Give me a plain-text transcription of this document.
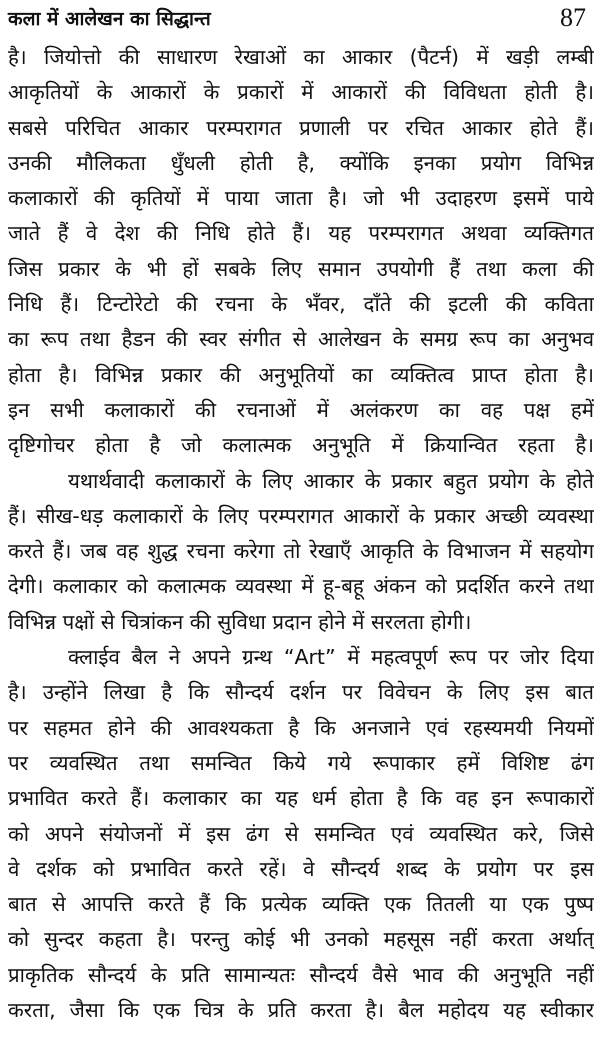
कला में आलेखन का सिद्धान्त	87
है। जियोत्तो की साधारण रेखाओं का आकार (पैटर्न) में खड़ी लम्बी
आकृतियों के आकारों के प्रकारों में आकारों की विविधता होती है।
सबसे परिचित आकार परम्परागत प्रणाली पर रचित आकार होते हैं।
उनकी मौलिकता धुँधली होती है, क्योंकि इनका प्रयोग विभिन्न
कलाकारों की कृतियों में पाया जाता है। जो भी उदाहरण इसमें पाये
जाते हैं वे देश की निधि होते हैं। यह परम्परागत अथवा व्यक्तिगत
जिस प्रकार के भी हों सबके लिए समान उपयोगी हैं तथा कला की
निधि हैं। टिन्टोरेटो की रचना के भँवर, दाँते की इटली की कविता
का रूप तथा हैडन की स्वर संगीत से आलेखन के समग्र रूप का अनुभव
होता है। विभिन्न प्रकार की अनुभूतियों का व्यक्तित्व प्राप्त होता है।
इन सभी कलाकारों की रचनाओं में अलंकरण का वह पक्ष हमें
दृष्टिगोचर होता है जो कलात्मक अनुभूति में क्रियान्वित रहता है।
यथार्थवादी कलाकारों के लिए आकार के प्रकार बहुत प्रयोग के होते
हैं। सीख-धड़ कलाकारों के लिए परम्परागत आकारों के प्रकार अच्छी व्यवस्था
करते हैं। जब वह शुद्ध रचना करेगा तो रेखाएँ आकृति के विभाजन में सहयोग
देगी। कलाकार को कलात्मक व्यवस्था में हू-बहू अंकन को प्रदर्शित करने तथा
विभिन्न पक्षों से चित्रांकन की सुविधा प्रदान होने में सरलता होगी।
क्लाईव बैल ने अपने ग्रन्थ “Art” में महत्वपूर्ण रूप पर जोर दिया
है। उन्होंने लिखा है कि सौन्दर्य दर्शन पर विवेचन के लिए इस बात
पर सहमत होने की आवश्यकता है कि अनजाने एवं रहस्यमयी नियमों
पर व्यवस्थित तथा समन्वित किये गये रूपाकार हमें विशिष्ट ढंग
प्रभावित करते हैं। कलाकार का यह धर्म होता है कि वह इन रूपाकारों
को अपने संयोजनों में इस ढंग से समन्वित एवं व्यवस्थित करे, जिसे
वे दर्शक को प्रभावित करते रहें। वे सौन्दर्य शब्द के प्रयोग पर इस
बात से आपत्ति करते हैं कि प्रत्येक व्यक्ति एक तितली या एक पुष्प
को सुन्दर कहता है। परन्तु कोई भी उनको महसूस नहीं करता अर्थात्
प्राकृतिक सौन्दर्य के प्रति सामान्यतः सौन्दर्य वैसे भाव की अनुभूति नहीं
करता, जैसा कि एक चित्र के प्रति करता है। बैल महोदय यह स्वीकार
